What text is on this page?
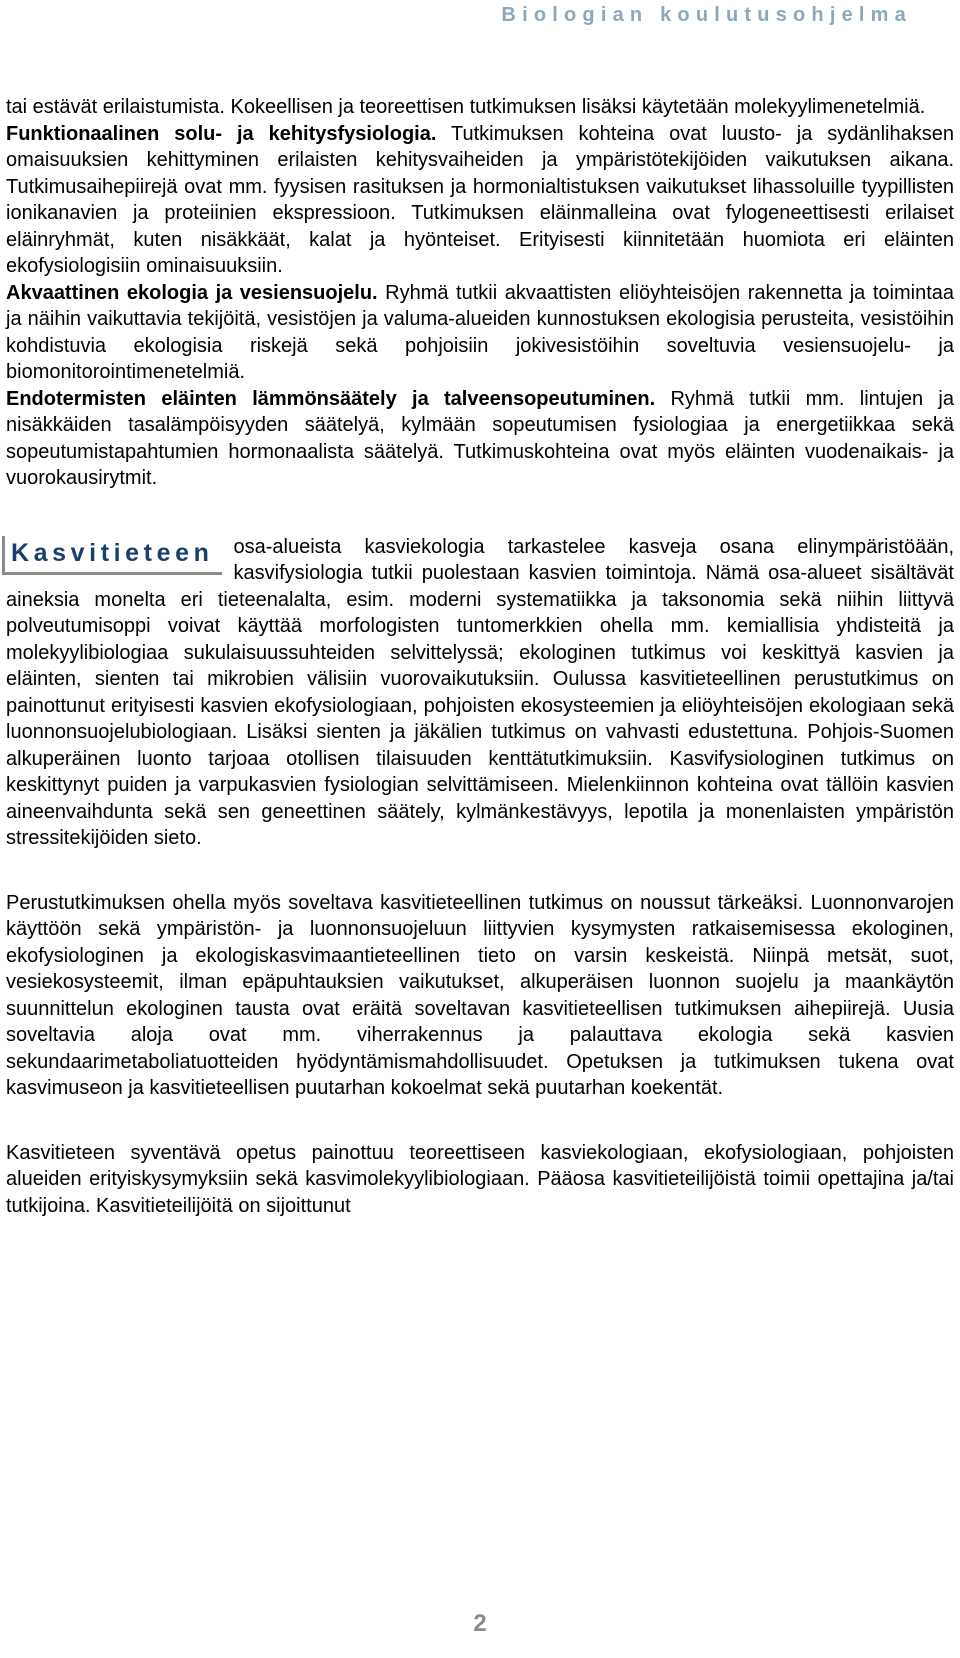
Biologian koulutusohjelma

tai estävät erilaistumista. Kokeellisen ja teoreettisen tutkimuksen lisäksi käytetään molekyylimenetelmiä.
Funktionaalinen solu- ja kehitysfysiologia. Tutkimuksen kohteina ovat luusto- ja sydänlihaksen omaisuuksien kehittyminen erilaisten kehitysvaiheiden ja ympäristötekijöiden vaikutuksen aikana. Tutkimusaihepiirejä ovat mm. fyysisen rasituksen ja hormonialtistuksen vaikutukset lihassoluille tyypillisten ionikanavien ja proteiinien ekspressioon. Tutkimuksen eläinmalleina ovat fylogeneettisesti erilaiset eläinryhmät, kuten nisäkkäät, kalat ja hyönteiset. Erityisesti kiinnitetään huomiota eri eläinten ekofysiologisiin ominaisuuksiin.
Akvaattinen ekologia ja vesiensuojelu. Ryhmä tutkii akvaattisten eliöyhteisöjen rakennetta ja toimintaa ja näihin vaikuttavia tekijöitä, vesistöjen ja valuma-alueiden kunnostuksen ekologisia perusteita, vesistöihin kohdistuvia ekologisia riskejä sekä pohjoisiin jokivesistöihin soveltuvia vesiensuojelu- ja biomonitorointimenetelmiä.
Endotermisten eläinten lämmönsäätely ja talveensopeutuminen. Ryhmä tutkii mm. lintujen ja nisäkkäiden tasalämpöisyyden säätelyä, kylmään sopeutumisen fysiologiaa ja energetiikkaa sekä sopeutumistapahtumien hormonaalista säätelyä. Tutkimuskohteina ovat myös eläinten vuodenaikais- ja vuorokausirytmit.

Kasvitieteen	osa-alueista kasviekologia tarkastelee kasveja osana elinympäristöään, kasvifysiologia tutkii puolestaan kasvien toimintoja. Nämä osa-alueet sisältävät aineksia monelta eri tieteenalalta, esim. moderni systematiikka ja taksonomia sekä niihin liittyvä polveutumisoppi voivat käyttää morfologisten tuntomerkkien ohella mm. kemiallisia yhdisteitä ja molekyylibiologiaa sukulaisuussuhteiden selvittelyssä; ekologinen tutkimus voi keskittyä kasvien ja eläinten, sienten tai mikrobien välisiin vuorovaikutuksiin. Oulussa kasvitieteellinen perustutkimus on painottunut erityisesti kasvien ekofysiologiaan, pohjoisten ekosysteemien ja eliöyhteisöjen ekologiaan sekä luonnonsuojelubiologiaan. Lisäksi sienten ja jäkälien tutkimus on vahvasti edustettuna. Pohjois-Suomen alkuperäinen luonto tarjoaa otollisen tilaisuuden kenttätutkimuksiin. Kasvifysiologinen tutkimus on keskittynyt puiden ja varpukasvien fysiologian selvittämiseen. Mielenkiinnon kohteina ovat tällöin kasvien aineenvaihdunta sekä sen geneettinen säätely, kylmänkestävyys, lepotila ja monenlaisten ympäristön stressitekijöiden sieto.

Perustutkimuksen ohella myös soveltava kasvitieteellinen tutkimus on noussut tärkeäksi. Luonnonvarojen käyttöön sekä ympäristön- ja luonnonsuojeluun liittyvien kysymysten ratkaisemisessa ekologinen, ekofysiologinen ja ekologiskasvimaantieteellinen tieto on varsin keskeistä. Niinpä metsät, suot, vesiekosysteemit, ilman epäpuhtauksien vaikutukset, alkuperäisen luonnon suojelu ja maankäytön suunnittelun ekologinen tausta ovat eräitä soveltavan kasvitieteellisen tutkimuksen aihepiirejä. Uusia soveltavia aloja ovat mm. viherrakennus ja palauttava ekologia sekä kasvien sekundaarimetaboliatuotteiden hyödyntämismahdollisuudet. Opetuksen ja tutkimuksen tukena ovat kasvimuseon ja kasvitieteellisen puutarhan kokoelmat sekä puutarhan koekentät.

Kasvitieteen syventävä opetus painottuu teoreettiseen kasviekologiaan, ekofysiologiaan, pohjoisten alueiden erityiskysymyksiin sekä kasvimolekyylibiologiaan. Pääosa kasvitieteilijöistä toimii opettajina ja/tai tutkijoina. Kasvitieteilijöitä on sijoittunut

2
